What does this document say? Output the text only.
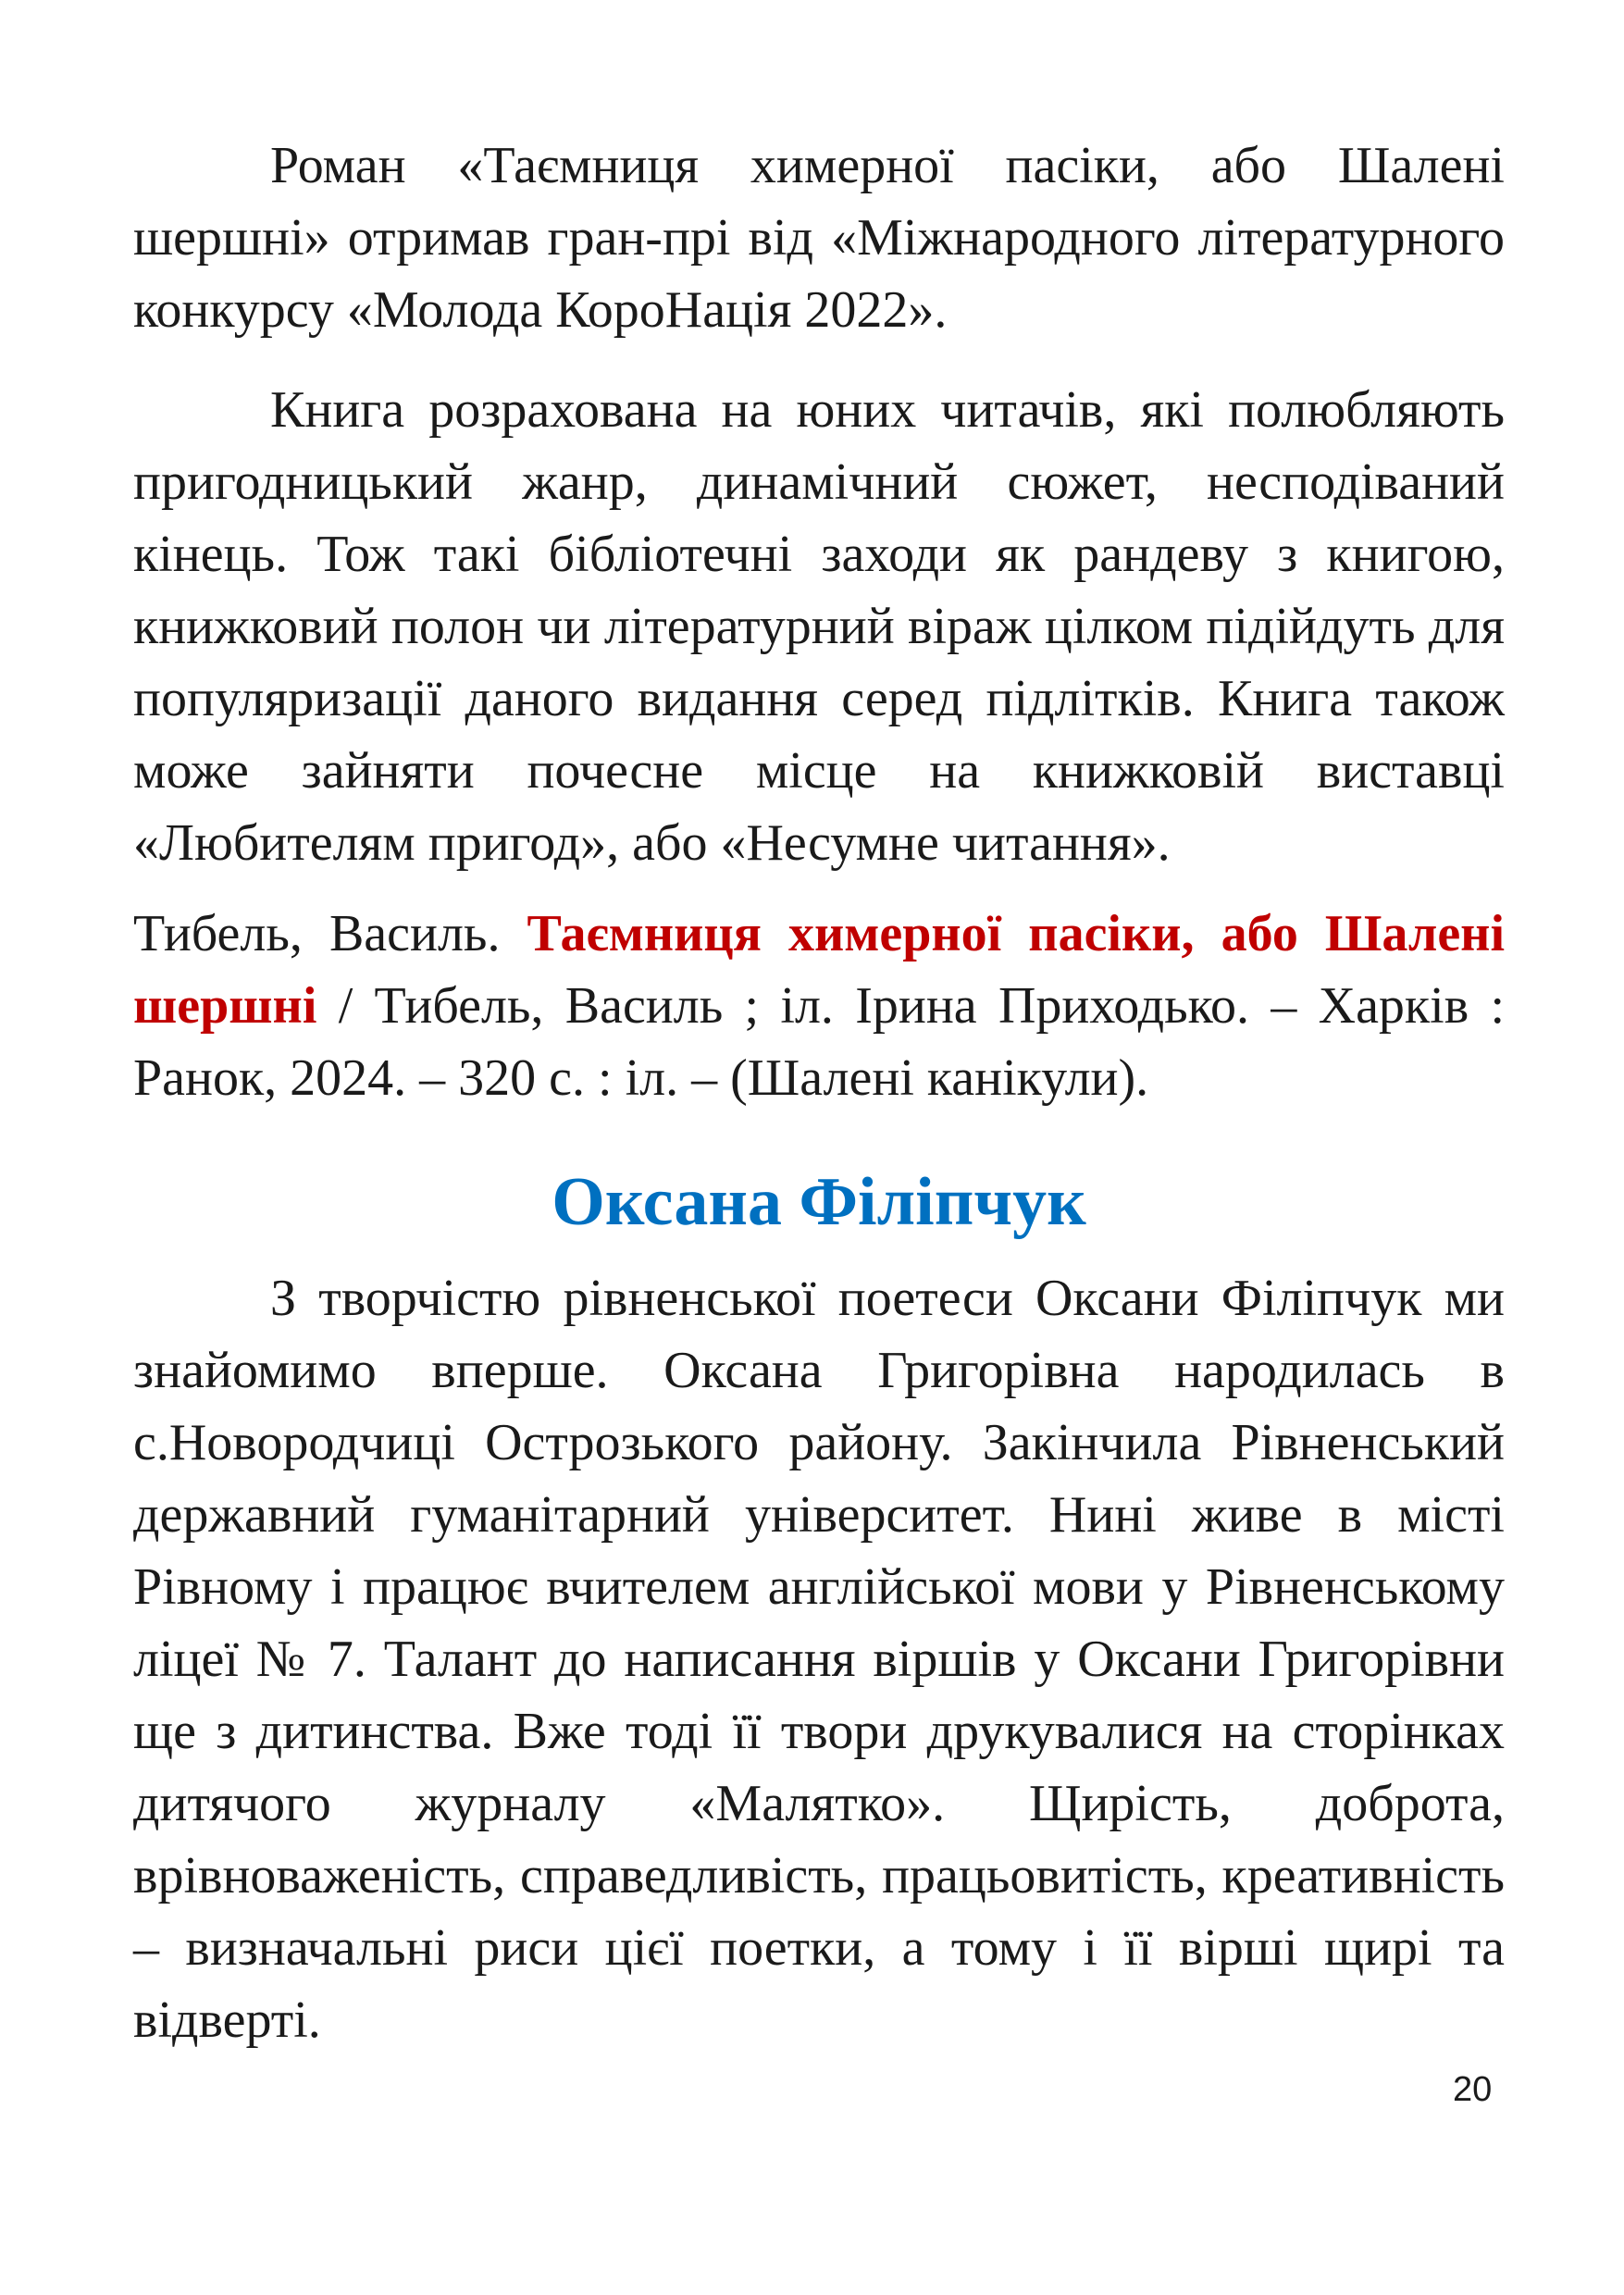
Роман «Таємниця химерної пасіки, або Шалені шершні» отримав гран-прі від «Міжнародного літературного конкурсу «Молода КороНація 2022».

Книга розрахована на юних читачів, які полюбляють пригодницький жанр, динамічний сюжет, несподіваний кінець. Тож такі бібліотечні заходи як рандеву з книгою, книжковий полон чи літературний віраж цілком підійдуть для популяризації даного видання серед підлітків. Книга також може зайняти почесне місце на книжковій виставці «Любителям пригод», або «Несумне читання».

Тибель, Василь. Таємниця химерної пасіки, або Шалені шершні / Тибель, Василь ; іл. Ірина Приходько. – Харків : Ранок, 2024. – 320 с. : іл. – (Шалені канікули).

Оксана Філіпчук

З творчістю рівненської поетеси Оксани Філіпчук ми знайомимо вперше. Оксана Григорівна народилась в с.Новородчиці Острозького району. Закінчила Рівненський державний гуманітарний університет. Нині живе в місті Рівному і працює вчителем англійської мови у Рівненському ліцеї № 7. Талант до написання віршів у Оксани Григорівни ще з дитинства. Вже тоді її твори друкувалися на сторінках дитячого журналу «Малятко». Щирість, доброта, врівноваженість, справедливість, працьовитість, креативність – визначальні риси цієї поетки, а тому і її вірші щирі та відверті.

20
